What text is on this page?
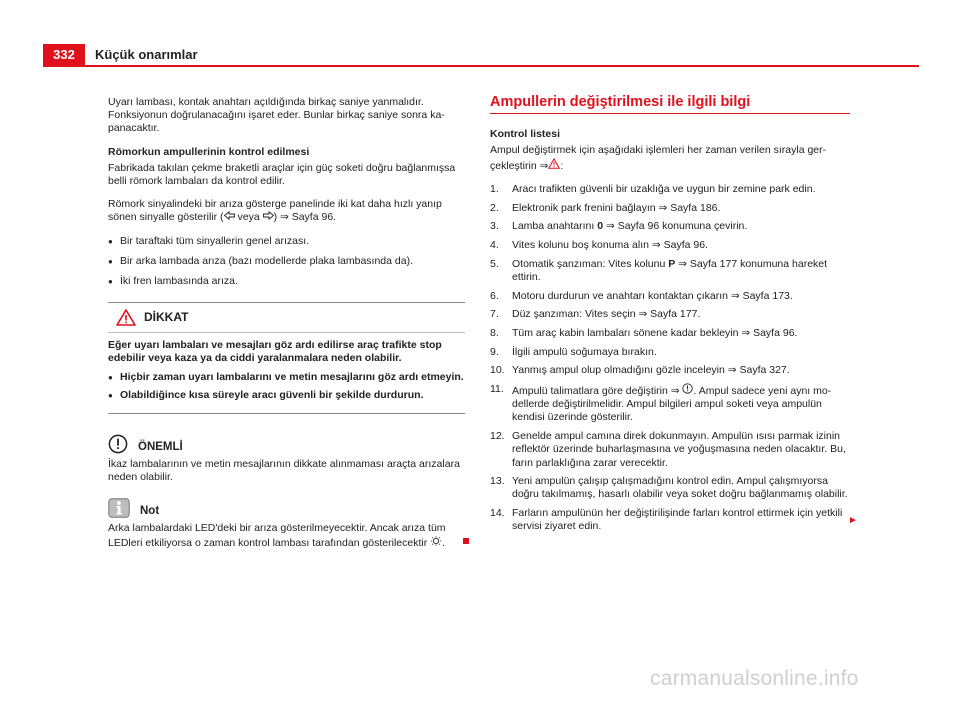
332	Küçük onarımlar

Uyarı lambası, kontak anahtarı açıldığında birkaç saniye yanmalıdır. Fonksiyonun doğrulanacağını işaret eder. Bunlar birkaç saniye sonra kapanacaktır.

Römorkun ampullerinin kontrol edilmesi

Fabrikada takılan çekme braketli araçlar için güç soketi doğru bağlanmışsa belli römork lambaları da kontrol edilir.

Römork sinyalindeki bir arıza gösterge panelinde iki kat daha hızlı yanıp sönen sinyalle gösterilir ( veya ) ⇒ Sayfa 96.

● Bir taraftaki tüm sinyallerin genel arızası.
● Bir arka lambada arıza (bazı modellerde plaka lambasında da).
● İki fren lambasında arıza.
DİKKAT

Eğer uyarı lambaları ve mesajları göz ardı edilirse araç trafikte stop edebilir veya kaza ya da ciddi yaralanmalara neden olabilir.

● Hiçbir zaman uyarı lambalarını ve metin mesajlarını göz ardı etmeyin.

● Olabildiğince kısa süreyle aracı güvenli bir şekilde durdurun.

ÖNEMLİ

İkaz lambalarının ve metin mesajlarının dikkate alınmaması araçta arızalara neden olabilir.

Not

Arka lambalardaki LED'deki bir arıza gösterilmeyecektir. Ancak arıza tüm LEDleri etkiliyorsa o zaman kontrol lambası tarafından gösterilecektir .

Ampullerin değiştirilmesi ile ilgili bilgi

Kontrol listesi

Ampul değiştirmek için aşağıdaki işlemleri her zaman verilen sırayla gerçekleştirin ⇒ :

1.	Aracı trafikten güvenli bir uzaklığa ve uygun bir zemine park edin.
2.	Elektronik park frenini bağlayın ⇒ Sayfa 186.
3.	Lamba anahtarını 0 ⇒ Sayfa 96 konumuna çevirin.
4.	Vites kolunu boş konuma alın ⇒ Sayfa 96.
5.	Otomatik şanzıman: Vites kolunu P ⇒ Sayfa 177 konumuna hareket ettirin.
6.	Motoru durdurun ve anahtarı kontaktan çıkarın ⇒ Sayfa 173.
7.	Düz şanzıman: Vites seçin ⇒ Sayfa 177.
8.	Tüm araç kabin lambaları sönene kadar bekleyin ⇒ Sayfa 96.
9.	İlgili ampulü soğumaya bırakın.
10. Yanmış ampul olup olmadığını gözle inceleyin ⇒ Sayfa 327.
11. Ampulü talimatlara göre değiştirin ⇒ . Ampul sadece yeni aynı modellerde değiştirilmelidir. Ampul bilgileri ampul soketi veya ampulün kendisi üzerinde gösterilir.
12. Genelde ampul camına direk dokunmayın. Ampulün ısısı parmak izinin reflektör üzerinde buharlaşmasına ve yoğuşmasına neden olacaktır. Bu, farın parlaklığına zarar verecektir.
13. Yeni ampulün çalışıp çalışmadığını kontrol edin. Ampul çalışmıyorsa doğru takılmamış, hasarlı olabilir veya soket doğru bağlanmamış olabilir.
14. Farların ampulünün her değiştirilişinde farları kontrol ettirmek için yetkili servisi ziyaret edin.	►
carmanualsonline.info
